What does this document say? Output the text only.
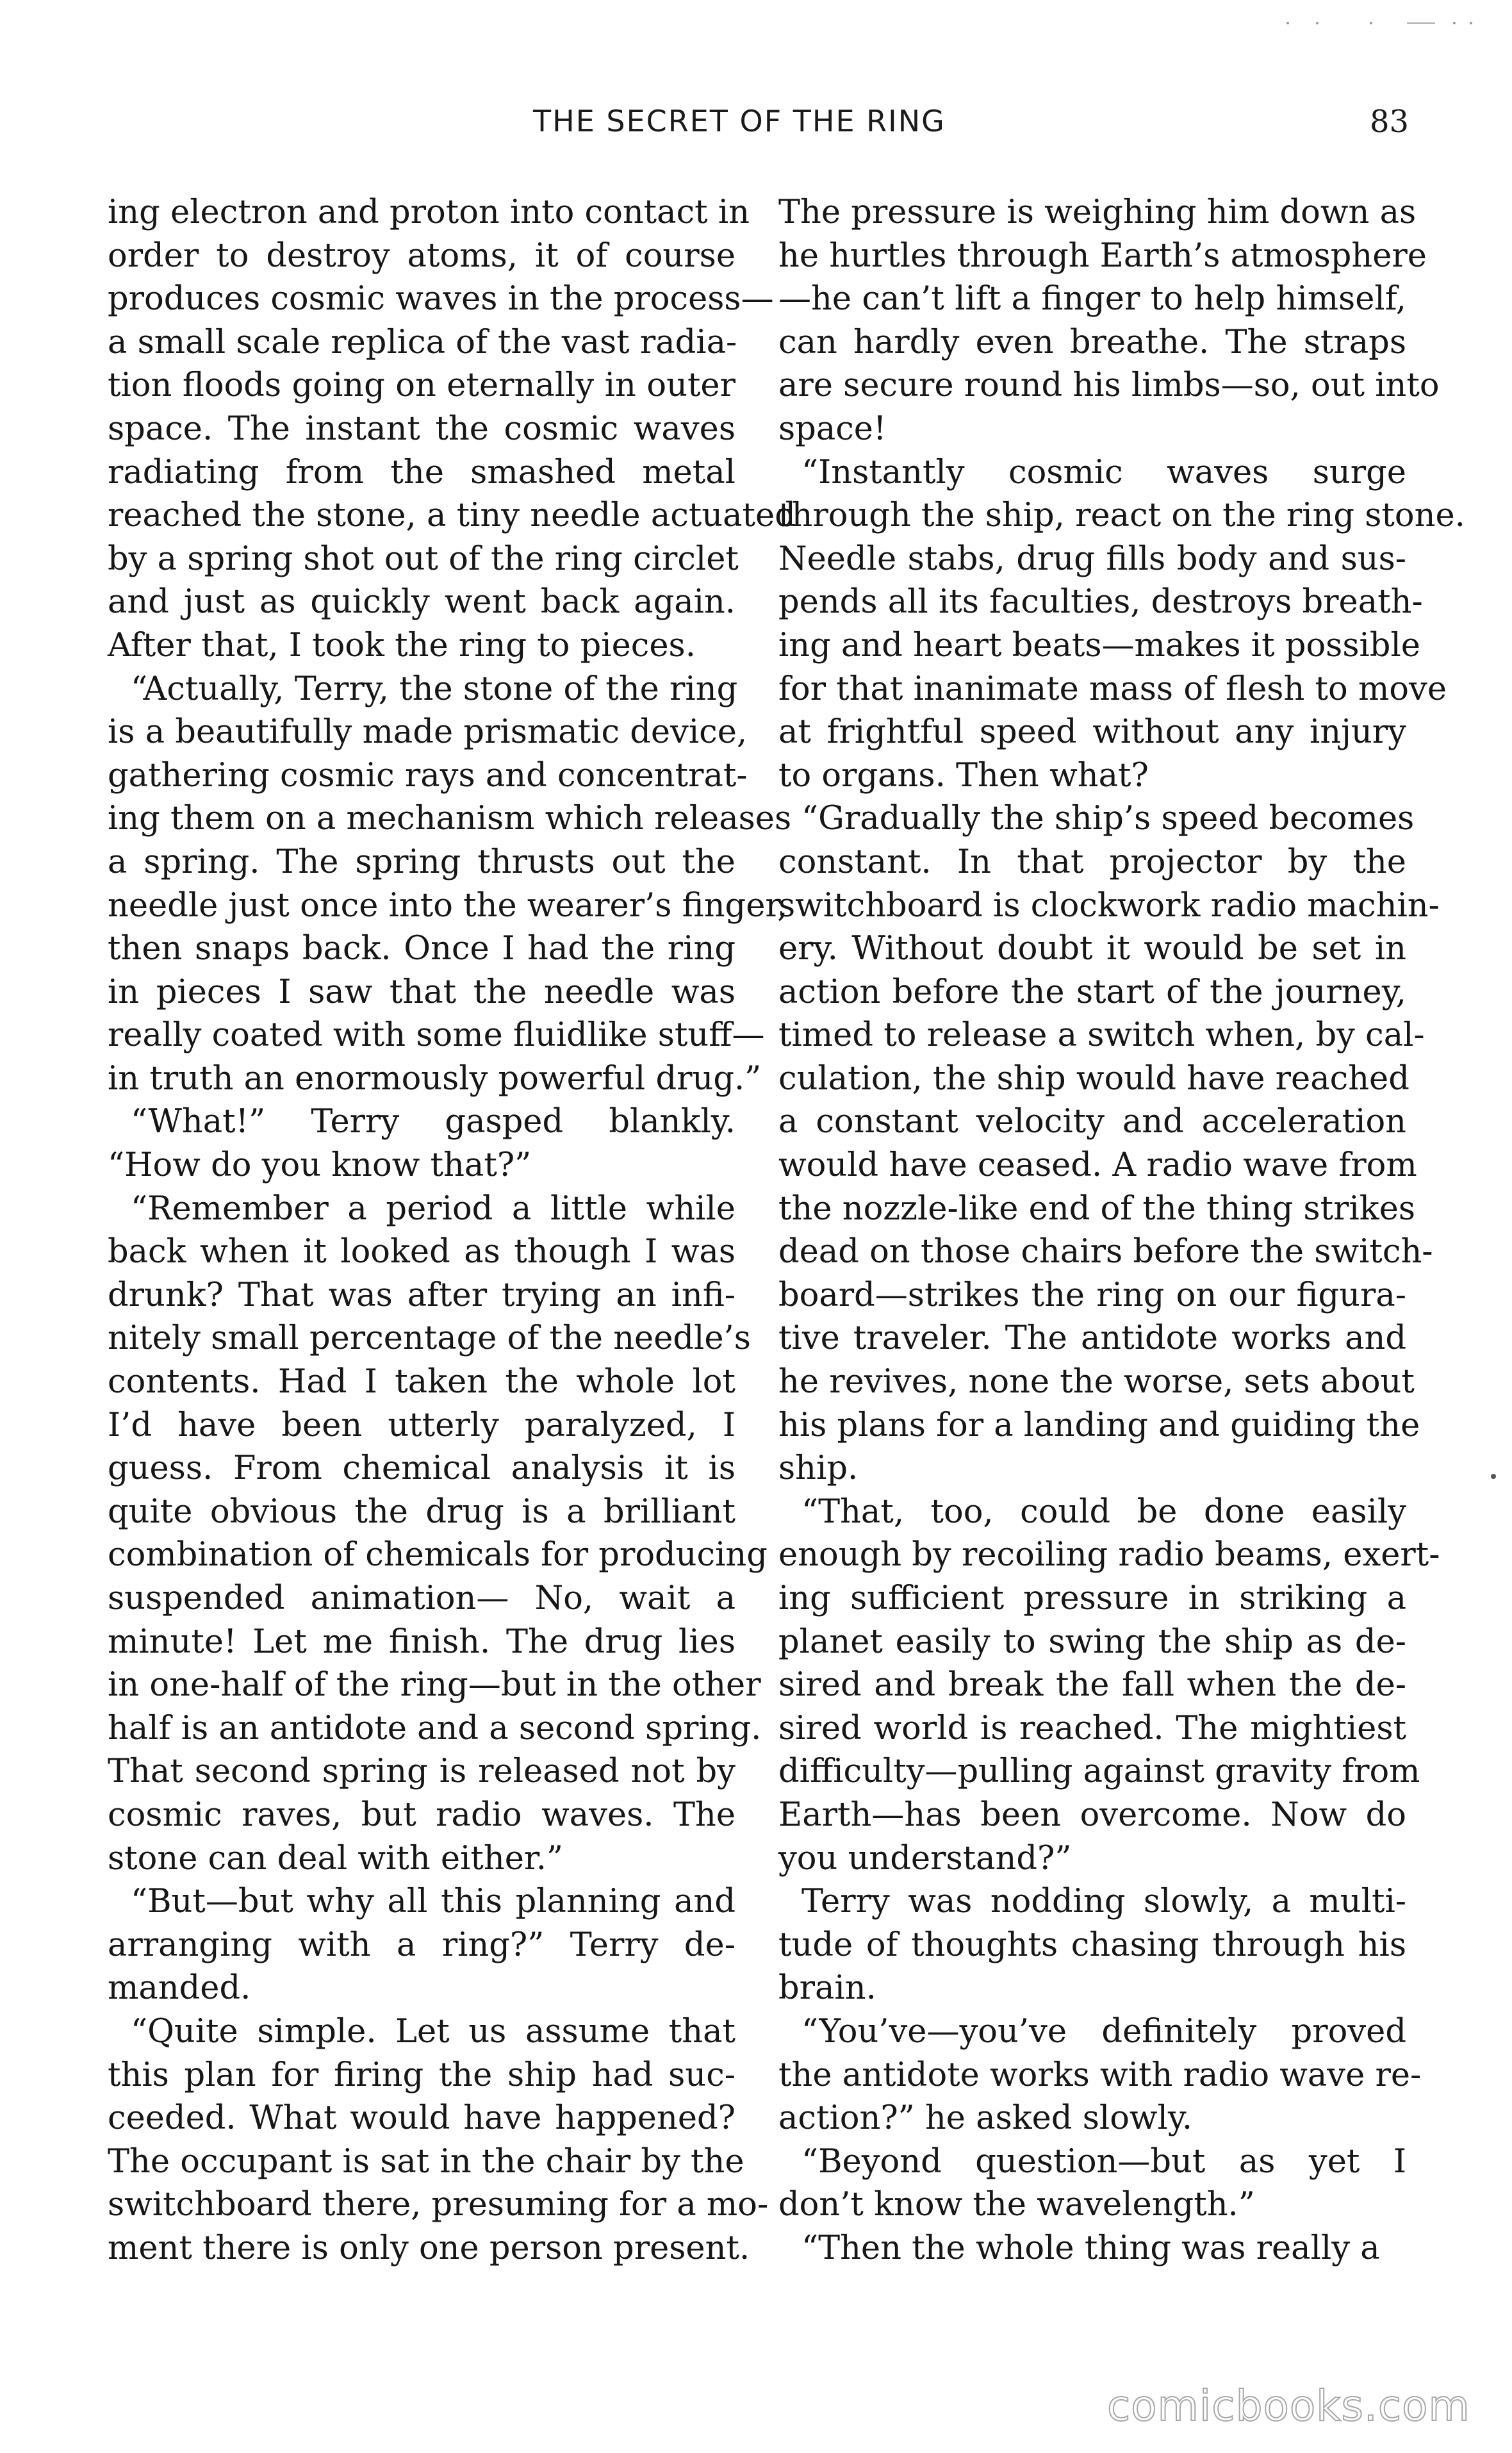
THE SECRET OF THE RING	83
ing electron and proton into contact in
order to destroy atoms, it of course
produces cosmic waves in the process—
a small scale replica of the vast radia-
tion floods going on eternally in outer
space. The instant the cosmic waves
radiating from the smashed metal
reached the stone, a tiny needle actuated
by a spring shot out of the ring circlet
and just as quickly went back again.
After that, I took the ring to pieces.
“Actually, Terry, the stone of the ring
is a beautifully made prismatic device,
gathering cosmic rays and concentrat-
ing them on a mechanism which releases
a spring. The spring thrusts out the
needle just once into the wearer’s finger,
then snaps back. Once I had the ring
in pieces I saw that the needle was
really coated with some fluidlike stuff—
in truth an enormously powerful drug.”
“What!” Terry gasped blankly.
“How do you know that?”
“Remember a period a little while
back when it looked as though I was
drunk? That was after trying an infi-
nitely small percentage of the needle’s
contents. Had I taken the whole lot
I’d have been utterly paralyzed, I
guess. From chemical analysis it is
quite obvious the drug is a brilliant
combination of chemicals for producing
suspended animation— No, wait a
minute! Let me finish. The drug lies
in one-half of the ring—but in the other
half is an antidote and a second spring.
That second spring is released not by
cosmic raves, but radio waves. The
stone can deal with either.”
“But—but why all this planning and
arranging with a ring?” Terry de-
manded.
“Quite simple. Let us assume that
this plan for firing the ship had suc-
ceeded. What would have happened?
The occupant is sat in the chair by the
switchboard there, presuming for a mo-
ment there is only one person present.
The pressure is weighing him down as
he hurtles through Earth’s atmosphere
—he can’t lift a finger to help himself,
can hardly even breathe. The straps
are secure round his limbs—so, out into
space!
“Instantly cosmic waves surge
through the ship, react on the ring stone.
Needle stabs, drug fills body and sus-
pends all its faculties, destroys breath-
ing and heart beats—makes it possible
for that inanimate mass of flesh to move
at frightful speed without any injury
to organs. Then what?
“Gradually the ship’s speed becomes
constant. In that projector by the
switchboard is clockwork radio machin-
ery. Without doubt it would be set in
action before the start of the journey,
timed to release a switch when, by cal-
culation, the ship would have reached
a constant velocity and acceleration
would have ceased. A radio wave from
the nozzle-like end of the thing strikes
dead on those chairs before the switch-
board—strikes the ring on our figura-
tive traveler. The antidote works and
he revives, none the worse, sets about
his plans for a landing and guiding the
ship.
“That, too, could be done easily
enough by recoiling radio beams, exert-
ing sufficient pressure in striking a
planet easily to swing the ship as de-
sired and break the fall when the de-
sired world is reached. The mightiest
difficulty—pulling against gravity from
Earth—has been overcome. Now do
you understand?”
Terry was nodding slowly, a multi-
tude of thoughts chasing through his
brain.
“You’ve—you’ve definitely proved
the antidote works with radio wave re-
action?” he asked slowly.
“Beyond question—but as yet I
don’t know the wavelength.”
“Then the whole thing was really a
comicbooks.com
